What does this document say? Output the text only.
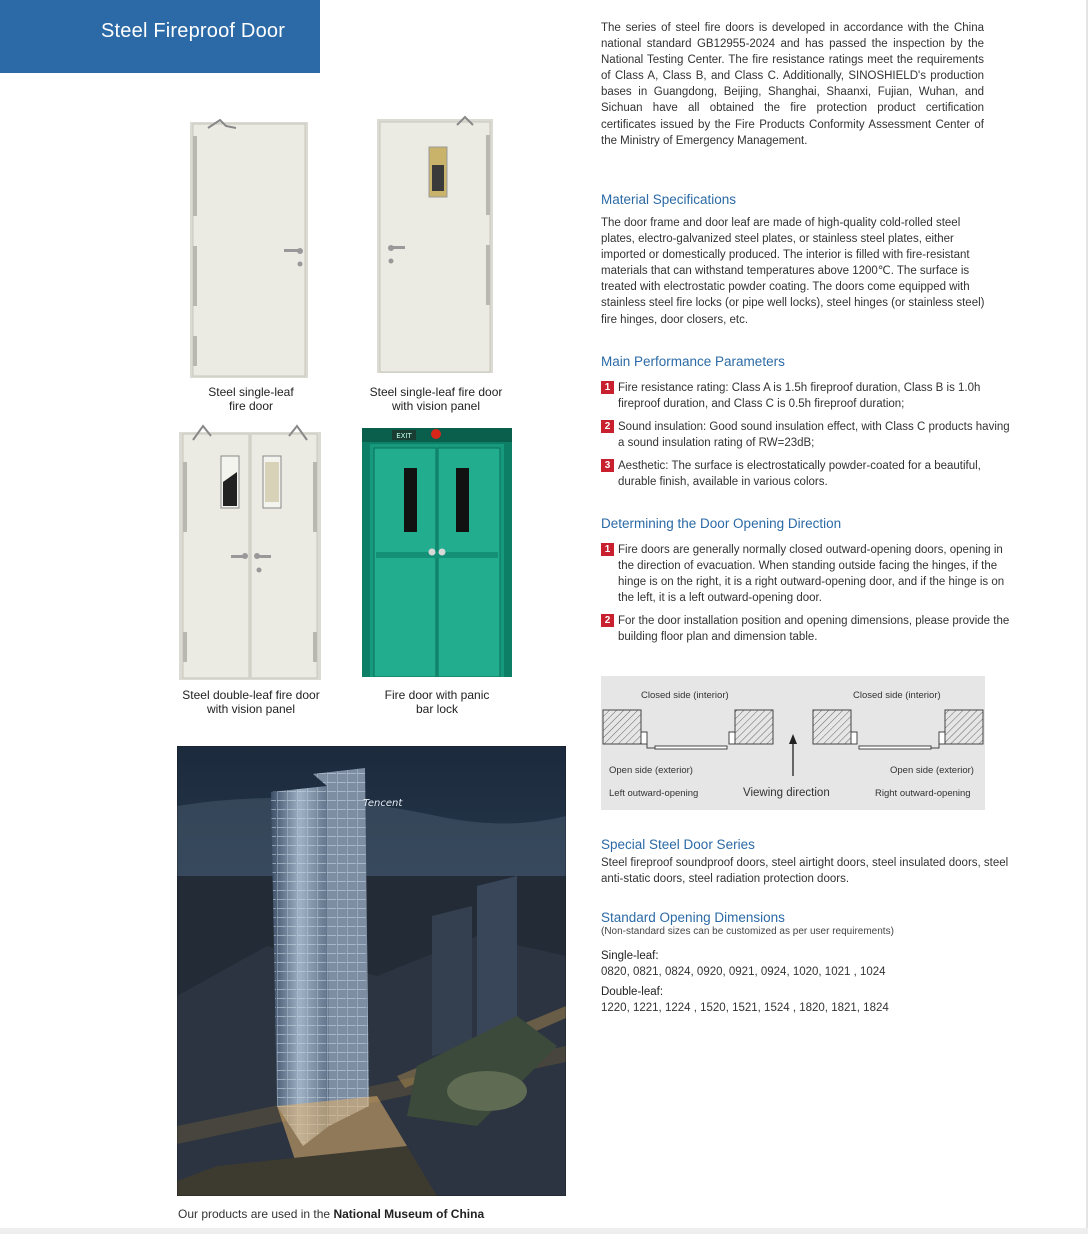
Steel Fireproof Door
Steel single-leaf
fire door
Steel single-leaf fire door
with vision panel
Steel double-leaf fire door
with vision panel
EXIT
Fire door with panic
bar lock
Tencent
Our products are used in the National Museum of China
The series of steel fire doors is developed in accordance with the China national standard GB12955-2024 and has passed the inspection by the National Testing Center. The fire resistance ratings meet the requirements of Class A, Class B, and Class C. Additionally, SINOSHIELD's production bases in Guangdong, Beijing, Shanghai, Shaanxi, Fujian, Wuhan, and Sichuan have all obtained the fire protection product certification certificates issued by the Fire Products Conformity Assessment Center of the Ministry of Emergency Management.
Material Specifications
The door frame and door leaf are made of high-quality cold-rolled steel plates, electro-galvanized steel plates, or stainless steel plates, either imported or domestically produced. The interior is filled with fire-resistant materials that can withstand temperatures above 1200℃. The surface is treated with electrostatic powder coating. The doors come equipped with stainless steel fire locks (or pipe well locks), steel hinges (or stainless steel) fire hinges, door closers, etc.
Main Performance Parameters
1 Fire resistance rating: Class A is 1.5h fireproof duration, Class B is 1.0h fireproof duration, and Class C is 0.5h fireproof duration;
2 Sound insulation: Good sound insulation effect, with Class C products having a sound insulation rating of RW=23dB;
3 Aesthetic: The surface is electrostatically powder-coated for a beautiful, durable finish, available in various colors.
Determining the Door Opening Direction
1 Fire doors are generally normally closed outward-opening doors, opening in the direction of evacuation. When standing outside facing the hinges, if the hinge is on the right, it is a right outward-opening door, and if the hinge is on the left, it is a left outward-opening door.
2 For the door installation position and opening dimensions, please provide the building floor plan and dimension table.
Closed side (interior)	Closed side (interior)
Open side (exterior)	Open side (exterior)
Left outward-opening	Right outward-opening
Viewing direction
Special Steel Door Series
Steel fireproof soundproof doors, steel airtight doors, steel insulated doors, steel anti-static doors, steel radiation protection doors.
Standard Opening Dimensions
(Non-standard sizes can be customized as per user requirements)
Single-leaf:
0820, 0821, 0824, 0920, 0921, 0924, 1020, 1021 , 1024
Double-leaf:
1220, 1221, 1224 , 1520, 1521, 1524 , 1820, 1821, 1824
